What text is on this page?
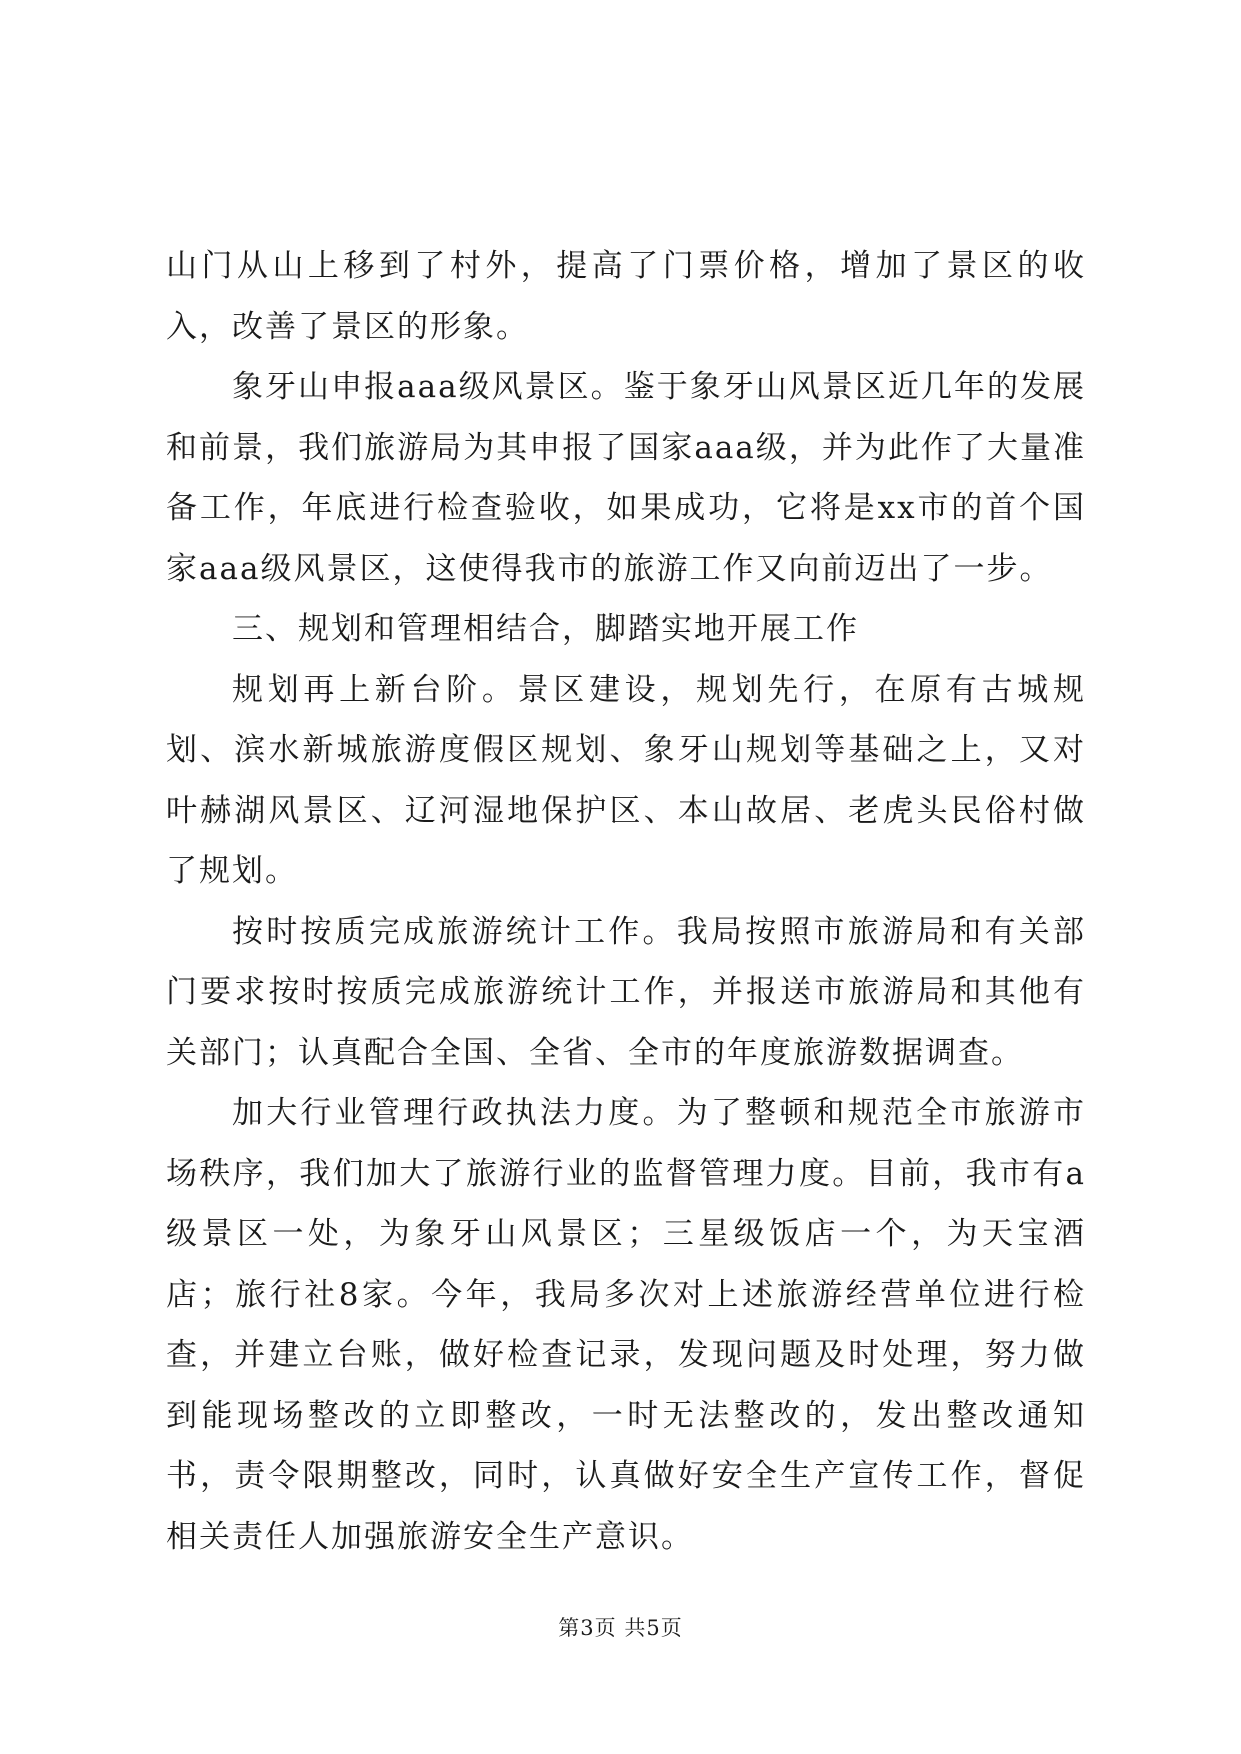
山门从山上移到了村外，提高了门票价格，增加了景区的收入，改善了景区的形象。

象牙山申报aaa级风景区。鉴于象牙山风景区近几年的发展和前景，我们旅游局为其申报了国家aaa级，并为此作了大量准备工作，年底进行检查验收，如果成功，它将是xx市的首个国家aaa级风景区，这使得我市的旅游工作又向前迈出了一步。

三、规划和管理相结合，脚踏实地开展工作

规划再上新台阶。景区建设，规划先行，在原有古城规划、滨水新城旅游度假区规划、象牙山规划等基础之上，又对叶赫湖风景区、辽河湿地保护区、本山故居、老虎头民俗村做了规划。

按时按质完成旅游统计工作。我局按照市旅游局和有关部门要求按时按质完成旅游统计工作，并报送市旅游局和其他有关部门；认真配合全国、全省、全市的年度旅游数据调查。

加大行业管理行政执法力度。为了整顿和规范全市旅游市场秩序，我们加大了旅游行业的监督管理力度。目前，我市有a级景区一处，为象牙山风景区；三星级饭店一个，为天宝酒店；旅行社8家。今年，我局多次对上述旅游经营单位进行检查，并建立台账，做好检查记录，发现问题及时处理，努力做到能现场整改的立即整改，一时无法整改的，发出整改通知书，责令限期整改，同时，认真做好安全生产宣传工作，督促相关责任人加强旅游安全生产意识。

第3页 共5页
